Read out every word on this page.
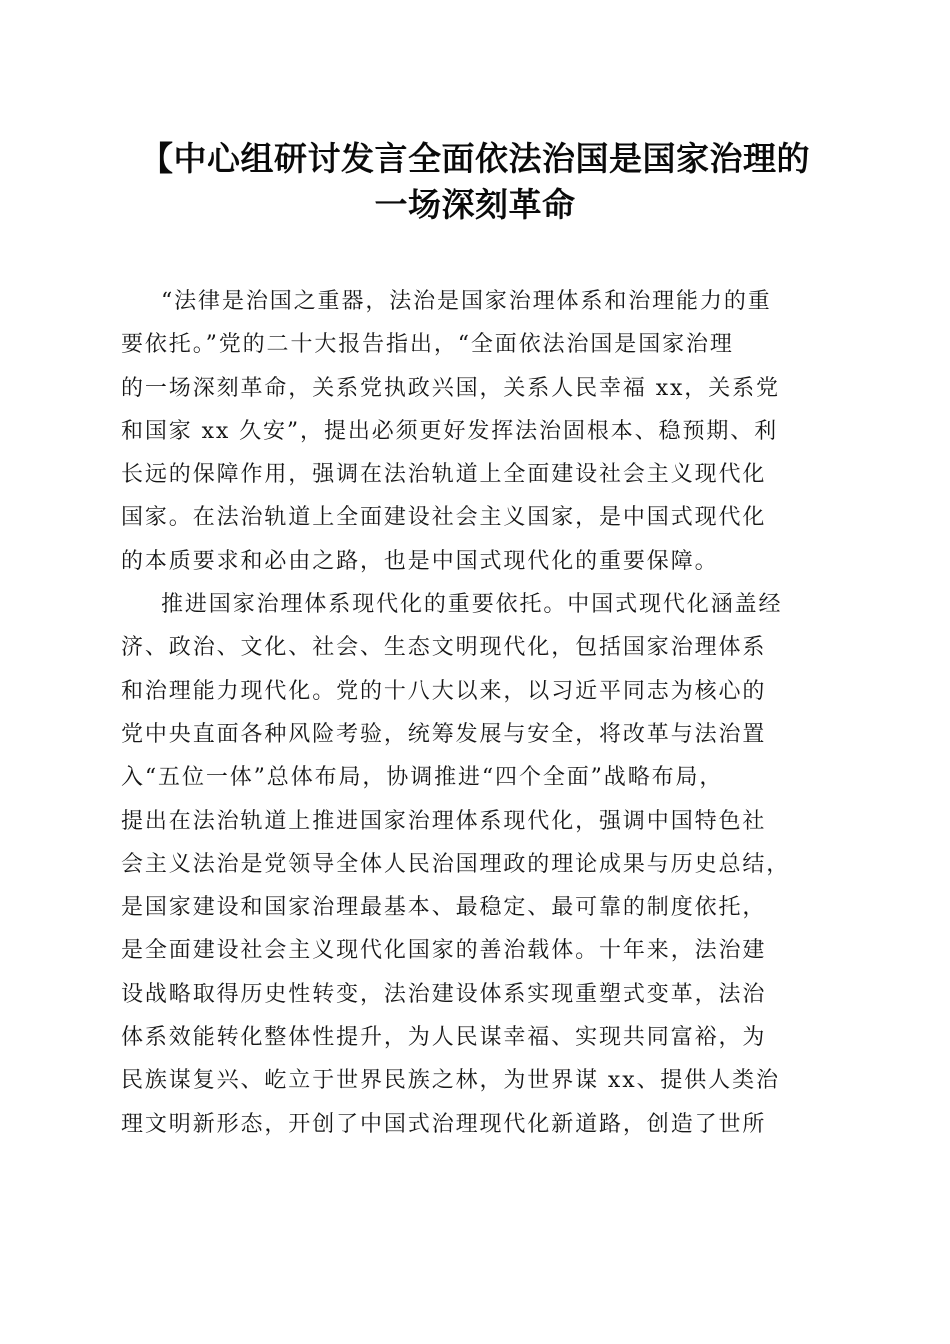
【中心组研讨发言全面依法治国是国家治理的
一场深刻革命

“法律是治国之重器，法治是国家治理体系和治理能力的重
要依托。”党的二十大报告指出，“全面依法治国是国家治理
的一场深刻革命，关系党执政兴国，关系人民幸福 xx，关系党
和国家 xx 久安”，提出必须更好发挥法治固根本、稳预期、利
长远的保障作用，强调在法治轨道上全面建设社会主义现代化
国家。在法治轨道上全面建设社会主义国家，是中国式现代化
的本质要求和必由之路，也是中国式现代化的重要保障。

推进国家治理体系现代化的重要依托。中国式现代化涵盖经
济、政治、文化、社会、生态文明现代化，包括国家治理体系
和治理能力现代化。党的十八大以来，以习近平同志为核心的
党中央直面各种风险考验，统筹发展与安全，将改革与法治置
入“五位一体”总体布局，协调推进“四个全面”战略布局，
提出在法治轨道上推进国家治理体系现代化，强调中国特色社
会主义法治是党领导全体人民治国理政的理论成果与历史总结，
是国家建设和国家治理最基本、最稳定、最可靠的制度依托，
是全面建设社会主义现代化国家的善治载体。十年来，法治建
设战略取得历史性转变，法治建设体系实现重塑式变革，法治
体系效能转化整体性提升，为人民谋幸福、实现共同富裕，为
民族谋复兴、屹立于世界民族之林，为世界谋 xx、提供人类治
理文明新形态，开创了中国式治理现代化新道路，创造了世所
